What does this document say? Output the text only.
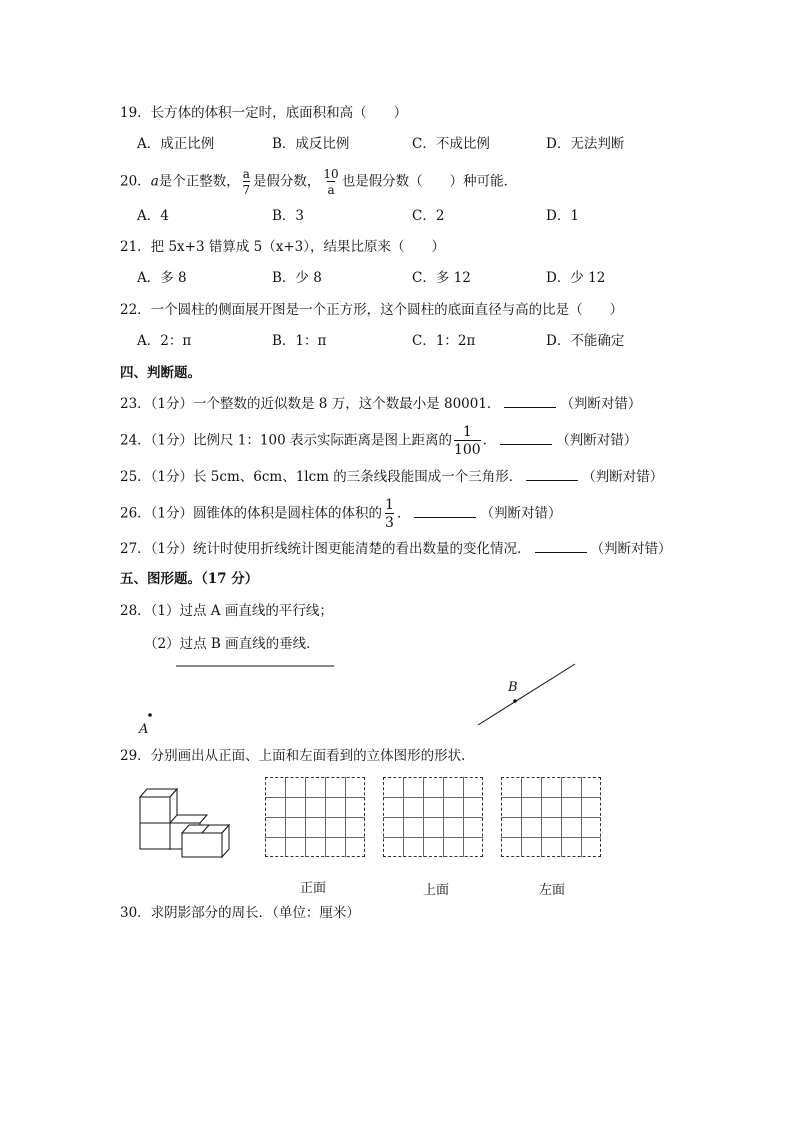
19．长方体的体积一定时，底面积和高（　　）
A．成正比例	B．成反比例	C．不成比例	D．无法判断
20．a是个正整数， $\frac{a}{7}$ 是假分数， $\frac{10}{a}$ 也是假分数（　　）种可能．
A．4	B．3	C．2	D．1
21．把 5x+3 错算成 5（x+3），结果比原来（　　）
A．多 8	B．少 8	C．多 12	D．少 12
22．一个圆柱的侧面展开图是一个正方形，这个圆柱的底面直径与高的比是（　　）
A．2：π	B．1：π	C．1：2π	D．不能确定
四、判断题。
23．（1分）一个整数的近似数是 8 万，这个数最小是 80001．	（判断对错）
24．（1分）比例尺 1：100 表示实际距离是图上距离的 $\frac{1}{100}$ ．	（判断对错）
25．（1分）长 5cm、6cm、1lcm 的三条线段能围成一个三角形．	（判断对错）
26．（1分）圆锥体的体积是圆柱体的体积的 $\frac{1}{3}$ ．	（判断对错）
27．（1分）统计时使用折线统计图更能清楚的看出数量的变化情况．	（判断对错）
五、图形题。（17 分）
28．（1）过点 A 画直线的平行线；
（2）过点 B 画直线的垂线．
A
B
29．分别画出从正面、上面和左面看到的立体图形的形状．
正面	上面	左面
30．求阴影部分的周长．（单位：厘米）
